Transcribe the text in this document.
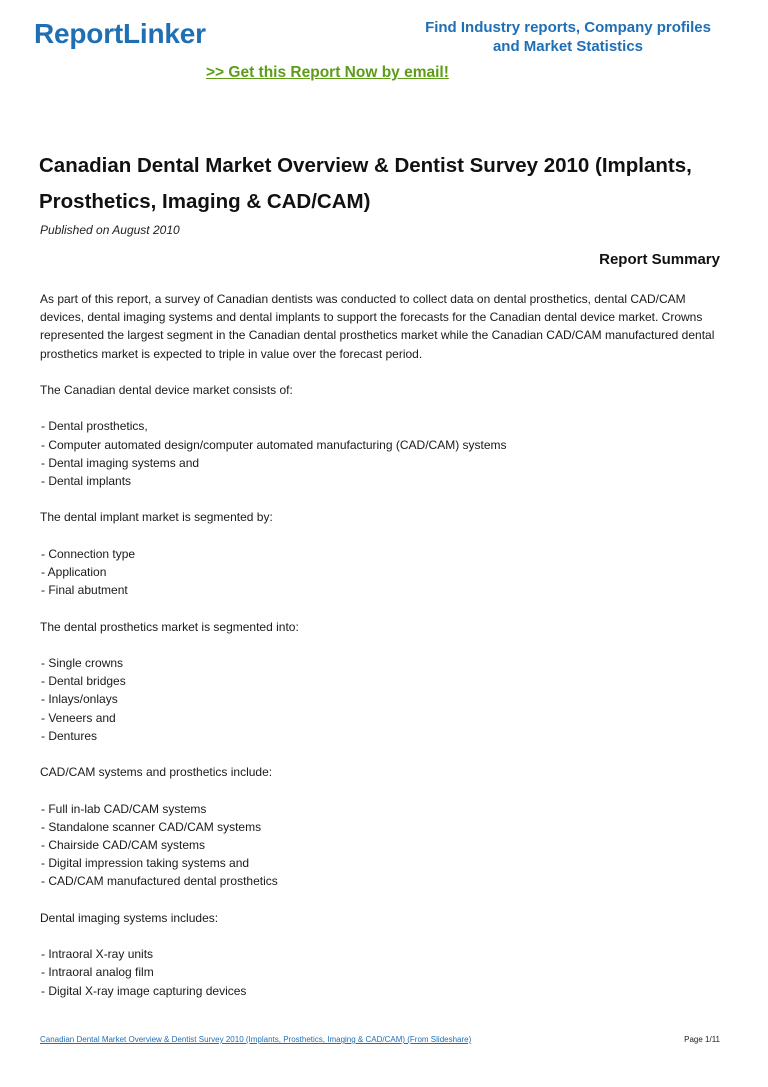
ReportLinker	Find Industry reports, Company profiles
and Market Statistics
>> Get this Report Now by email!
Canadian Dental Market Overview & Dentist Survey 2010 (Implants, Prosthetics, Imaging & CAD/CAM)
Published on August 2010
Report Summary

As part of this report, a survey of Canadian dentists was conducted to collect data on dental prosthetics, dental CAD/CAM devices, dental imaging systems and dental implants to support the forecasts for the Canadian dental device market. Crowns represented the largest segment in the Canadian dental prosthetics market while the Canadian CAD/CAM manufactured dental prosthetics market is expected to triple in value over the forecast period.

The Canadian dental device market consists of:

- Dental prosthetics,
- Computer automated design/computer automated manufacturing (CAD/CAM) systems
- Dental imaging systems and
- Dental implants

The dental implant market is segmented by:

- Connection type
- Application
- Final abutment

The dental prosthetics market is segmented into:

- Single crowns
- Dental bridges
- Inlays/onlays
- Veneers and
- Dentures

CAD/CAM systems and prosthetics include:

- Full in-lab CAD/CAM systems
- Standalone scanner CAD/CAM systems
- Chairside CAD/CAM systems
- Digital impression taking systems and
- CAD/CAM manufactured dental prosthetics

Dental imaging systems includes:

- Intraoral X-ray units
- Intraoral analog film
- Digital X-ray image capturing devices
Canadian Dental Market Overview & Dentist Survey 2010 (Implants, Prosthetics, Imaging & CAD/CAM) (From Slideshare)	Page 1/11
